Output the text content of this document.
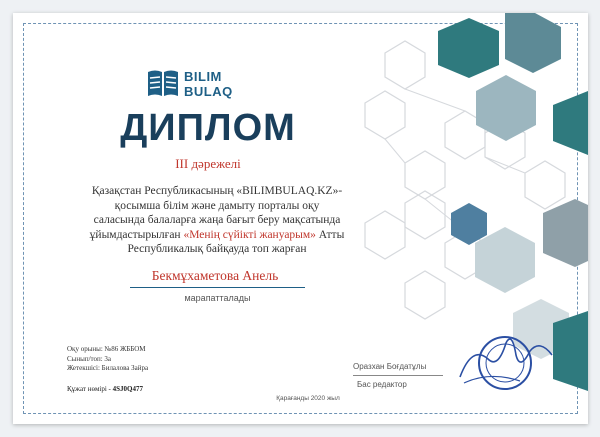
BILIM
BULAQ
ДИПЛОМ
III дәрежелі
Қазақстан Республикасының «BILIMBULAQ.KZ»-
қосымша білім және дамыту порталы оқу
саласында балаларға жаңа бағыт беру мақсатында
ұйымдастырылған «Менің сүйікті жануарым» Атты
Республикалық байқауда топ жарған
Бекмұхаметова Анель
марапатталады
Оқу орыны: №86 ЖББОМ
Сынып/топ: 3а
Жетекшісі: Билалова Зайра
Құжат нөмірі - 4SJ0Q477
Қарағанды 2020 жыл
Оразхан Боғдатұлы
Бас редактор
